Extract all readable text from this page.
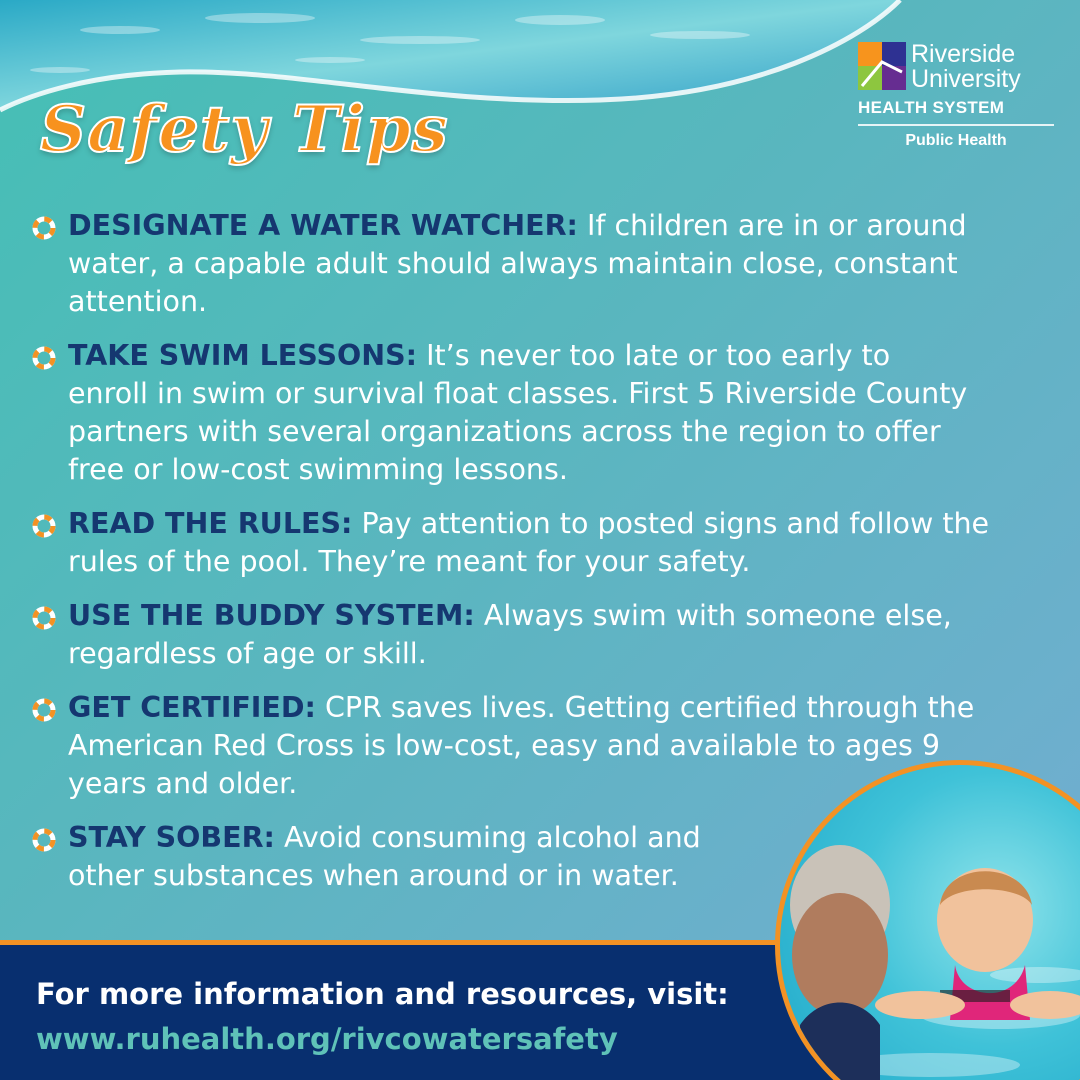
Safety Tips
Riverside
University
HEALTH SYSTEM
Public Health
DESIGNATE A WATER WATCHER: If children are in or around water, a capable adult should always maintain close, constant attention.
TAKE SWIM LESSONS: It’s never too late or too early to enroll in swim or survival float classes. First 5 Riverside County partners with several organizations across the region to offer free or low-cost swimming lessons.
READ THE RULES: Pay attention to posted signs and follow the rules of the pool. They’re meant for your safety.
USE THE BUDDY SYSTEM: Always swim with someone else, regardless of age or skill.
GET CERTIFIED: CPR saves lives. Getting certified through the American Red Cross is low-cost, easy and available to ages 9 years and older.
STAY SOBER: Avoid consuming alcohol and other substances when around or in water.
For more information and resources, visit:
www.ruhealth.org/rivcowatersafety
